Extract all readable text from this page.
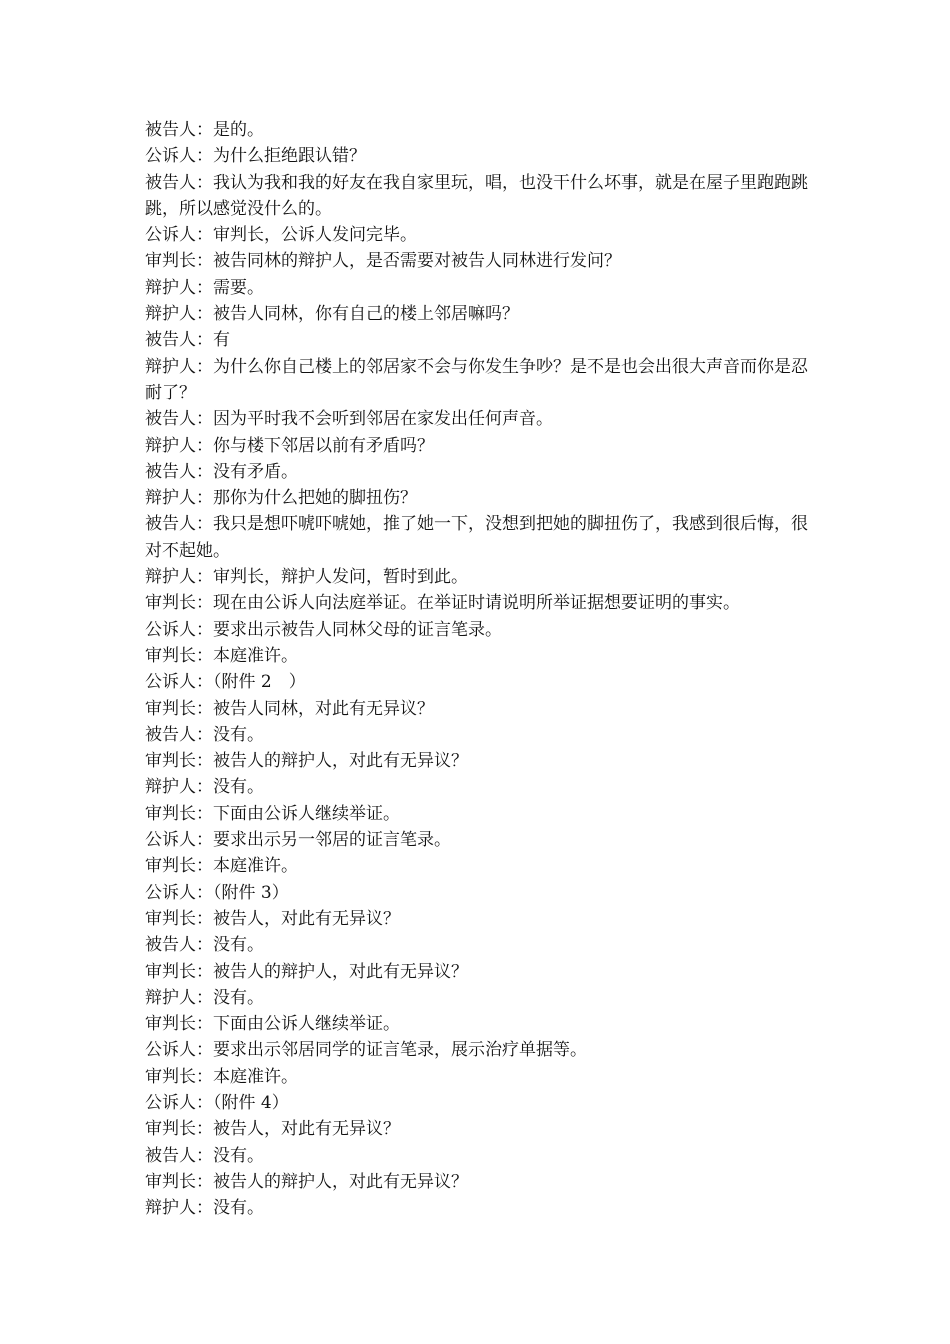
被告人：是的。
公诉人：为什么拒绝跟认错？
被告人：我认为我和我的好友在我自家里玩，唱，也没干什么坏事，就是在屋子里跑跑跳跳，所以感觉没什么的。
公诉人：审判长，公诉人发问完毕。
审判长：被告同林的辩护人，是否需要对被告人同林进行发问？
辩护人：需要。
辩护人：被告人同林，你有自己的楼上邻居嘛吗？
被告人：有
辩护人：为什么你自己楼上的邻居家不会与你发生争吵？是不是也会出很大声音而你是忍耐了？
被告人：因为平时我不会听到邻居在家发出任何声音。
辩护人：你与楼下邻居以前有矛盾吗？
被告人：没有矛盾。
辩护人：那你为什么把她的脚扭伤？
被告人：我只是想吓唬吓唬她，推了她一下，没想到把她的脚扭伤了，我感到很后悔，很对不起她。
辩护人：审判长，辩护人发问，暂时到此。
审判长：现在由公诉人向法庭举证。在举证时请说明所举证据想要证明的事实。
公诉人：要求出示被告人同林父母的证言笔录。
审判长：本庭准许。
公诉人：（附件 2　）
审判长：被告人同林，对此有无异议？
被告人：没有。
审判长：被告人的辩护人，对此有无异议？
辩护人：没有。
审判长：下面由公诉人继续举证。
公诉人：要求出示另一邻居的证言笔录。
审判长：本庭准许。
公诉人：（附件 3）
审判长：被告人，对此有无异议？
被告人：没有。
审判长：被告人的辩护人，对此有无异议？
辩护人：没有。
审判长：下面由公诉人继续举证。
公诉人：要求出示邻居同学的证言笔录，展示治疗单据等。
审判长：本庭准许。
公诉人：（附件 4）
审判长：被告人，对此有无异议？
被告人：没有。
审判长：被告人的辩护人，对此有无异议？
辩护人：没有。
